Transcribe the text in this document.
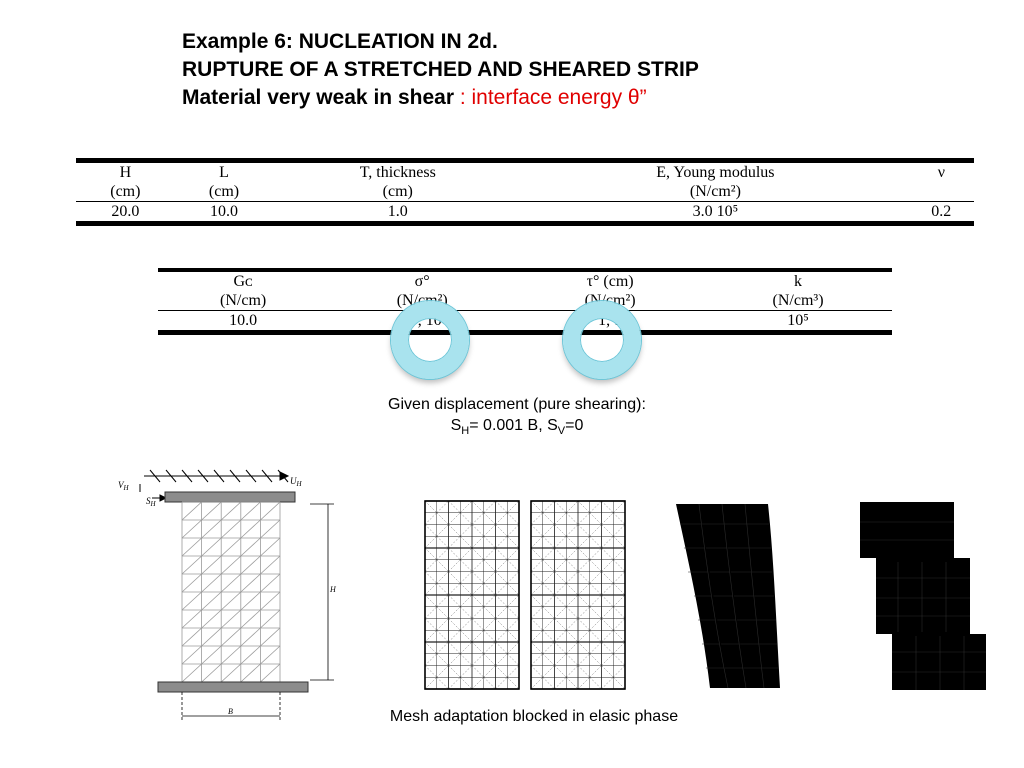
Example 6: NUCLEATION IN 2d.
RUPTURE OF A STRETCHED AND SHEARED STRIP
Material very weak in shear : interface energy θ”
H	L	T, thickness	E, Young modulus	ν
(cm)	(cm)	(cm)	(N/cm²)	
20.0	10.0	1.0	3.0 10⁵	0.2
Gᴄ	σ°	τ° (cm)	k
(N/cm)	(N/cm²)	(N/cm²)	(N/cm³)
10.0	10², 10⁵	1, 1	10⁵
Given displacement (pure shearing):
$S_H= 0.001$ B, $S_V=0$
$V_H$
$U_H$
$S_H$
H
B	Mesh adaptation blocked in elasic phase
